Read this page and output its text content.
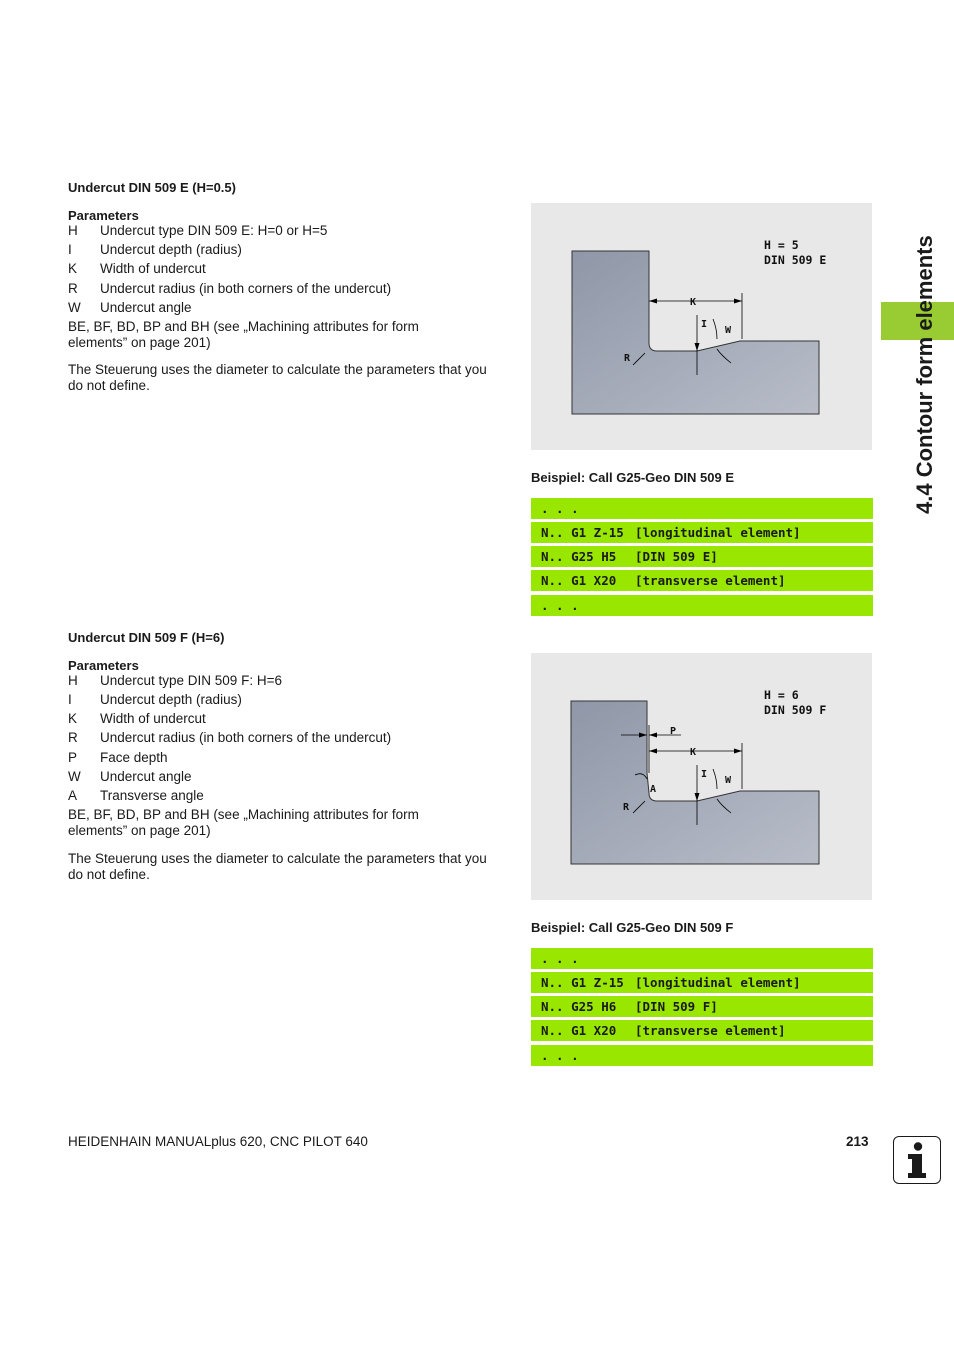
4.4 Contour form elements
Undercut DIN 509 E (H=0.5)
Parameters
H Undercut type DIN 509 E: H=0 or H=5
I Undercut depth (radius)
K Width of undercut
R Undercut radius (in both corners of the undercut)
W Undercut angle
BE, BF, BD, BP and BH (see „Machining attributes for form
elements” on page 201)
The Steuerung uses the diameter to calculate the parameters that you
do not define.
H = 5
DIN 509 E
K
I
W
R
Beispiel: Call G25-Geo DIN 509 E
. . .
N.. G1 Z-15 [longitudinal element]
N.. G25 H5 [DIN 509 E]
N.. G1 X20 [transverse element]
. . .
Undercut DIN 509 F (H=6)
Parameters
H Undercut type DIN 509 F: H=6
I Undercut depth (radius)
K Width of undercut
R Undercut radius (in both corners of the undercut)
P Face depth
W Undercut angle
A Transverse angle
BE, BF, BD, BP and BH (see „Machining attributes for form
elements” on page 201)
The Steuerung uses the diameter to calculate the parameters that you
do not define.
H = 6
DIN 509 F
P
K
I
W
A
R
Beispiel: Call G25-Geo DIN 509 F
. . .
N.. G1 Z-15 [longitudinal element]
N.. G25 H6 [DIN 509 F]
N.. G1 X20 [transverse element]
. . .
HEIDENHAIN MANUALplus 620, CNC PILOT 640	213
